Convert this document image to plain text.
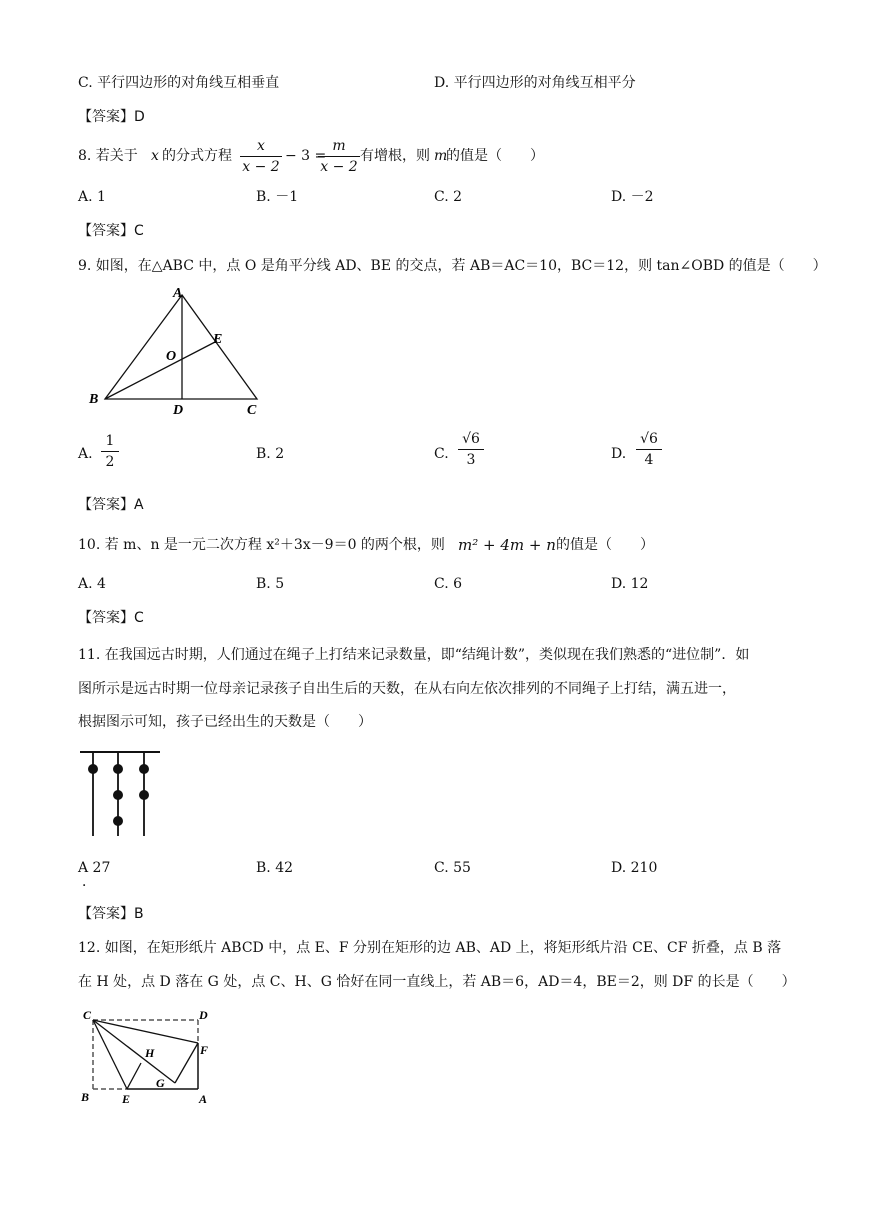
C. 平行四边形的对角线互相垂直	D. 平行四边形的对角线互相平分
【答案】D
8. 若关于 x 的分式方程
x
x − 2
− 3 =
m
x − 2
有增根，则 m
的值是（　　）
A. 1	B. －1	C. 2	D. －2
【答案】C
9. 如图，在△ABC 中，点 O 是角平分线 AD、BE 的交点，若 AB＝AC＝10，BC＝12，则 tan∠OBD 的值是（　　）
A
B
C
D
E
O
A.
1
2	B. 2	C.
√6
3	D.
√6
4
【答案】A
10. 若 m、n 是一元二次方程 x²＋3x－9＝0 的两个根，则 m² + 4m + n 的值是（　　）
A. 4	B. 5	C. 6	D. 12
【答案】C
11. 在我国远古时期，人们通过在绳子上打结来记录数量，即“结绳计数”，类似现在我们熟悉的“进位制”．如
图所示是远古时期一位母亲记录孩子自出生后的天数，在从右向左依次排列的不同绳子上打结，满五进一，
根据图示可知，孩子已经出生的天数是（　　）
A 27
．
B. 42	C. 55	D. 210
【答案】B
12. 如图，在矩形纸片 ABCD 中，点 E、F 分别在矩形的边 AB、AD 上，将矩形纸片沿 CE、CF 折叠，点 B 落
在 H 处，点 D 落在 G 处，点 C、H、G 恰好在同一直线上，若 AB＝6，AD＝4，BE＝2，则 DF 的长是（　　）
C	D
B	E	A
F
H
G
